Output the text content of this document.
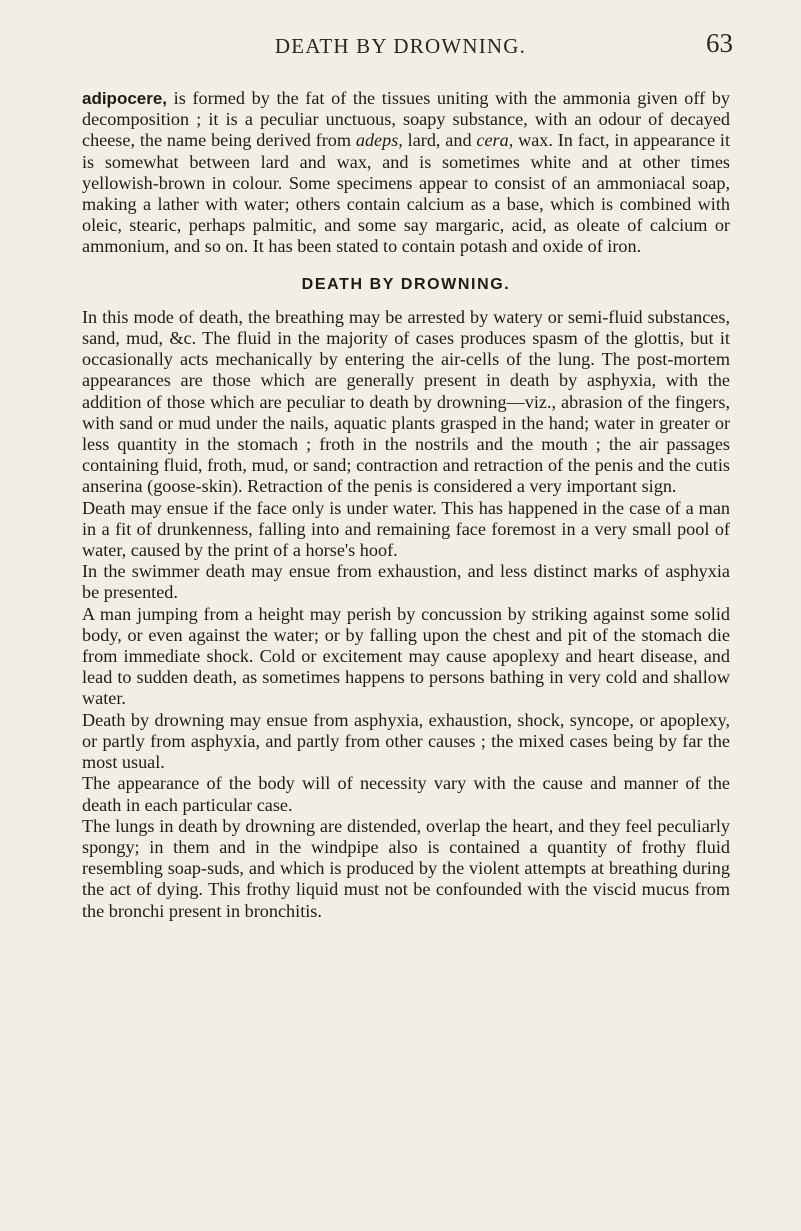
DEATH BY DROWNING.	63

adipocere, is formed by the fat of the tissues uniting with the ammonia given off by decomposition ; it is a peculiar unctuous, soapy substance, with an odour of decayed cheese, the name being derived from adeps, lard, and cera, wax. In fact, in appearance it is somewhat between lard and wax, and is sometimes white and at other times yellowish-brown in colour. Some specimens appear to consist of an ammoniacal soap, making a lather with water; others contain calcium as a base, which is combined with oleic, stearic, perhaps palmitic, and some say margaric, acid, as oleate of calcium or ammonium, and so on. It has been stated to contain potash and oxide of iron.

DEATH BY DROWNING.

In this mode of death, the breathing may be arrested by watery or semi-fluid substances, sand, mud, &c. The fluid in the majority of cases produces spasm of the glottis, but it occasionally acts mechanically by entering the air-cells of the lung. The post-mortem appearances are those which are generally present in death by asphyxia, with the addition of those which are peculiar to death by drowning—viz., abrasion of the fingers, with sand or mud under the nails, aquatic plants grasped in the hand; water in greater or less quantity in the stomach ; froth in the nostrils and the mouth ; the air passages containing fluid, froth, mud, or sand; contraction and retraction of the penis and the cutis anserina (goose-skin). Retraction of the penis is considered a very important sign.

Death may ensue if the face only is under water. This has happened in the case of a man in a fit of drunkenness, falling into and remaining face foremost in a very small pool of water, caused by the print of a horse's hoof.

In the swimmer death may ensue from exhaustion, and less distinct marks of asphyxia be presented.

A man jumping from a height may perish by concussion by striking against some solid body, or even against the water; or by falling upon the chest and pit of the stomach die from immediate shock. Cold or excitement may cause apoplexy and heart disease, and lead to sudden death, as sometimes happens to persons bathing in very cold and shallow water.

Death by drowning may ensue from asphyxia, exhaustion, shock, syncope, or apoplexy, or partly from asphyxia, and partly from other causes ; the mixed cases being by far the most usual.

The appearance of the body will of necessity vary with the cause and manner of the death in each particular case.

The lungs in death by drowning are distended, overlap the heart, and they feel peculiarly spongy; in them and in the windpipe also is contained a quantity of frothy fluid resembling soap-suds, and which is produced by the violent attempts at breathing during the act of dying. This frothy liquid must not be confounded with the viscid mucus from the bronchi present in bronchitis.
